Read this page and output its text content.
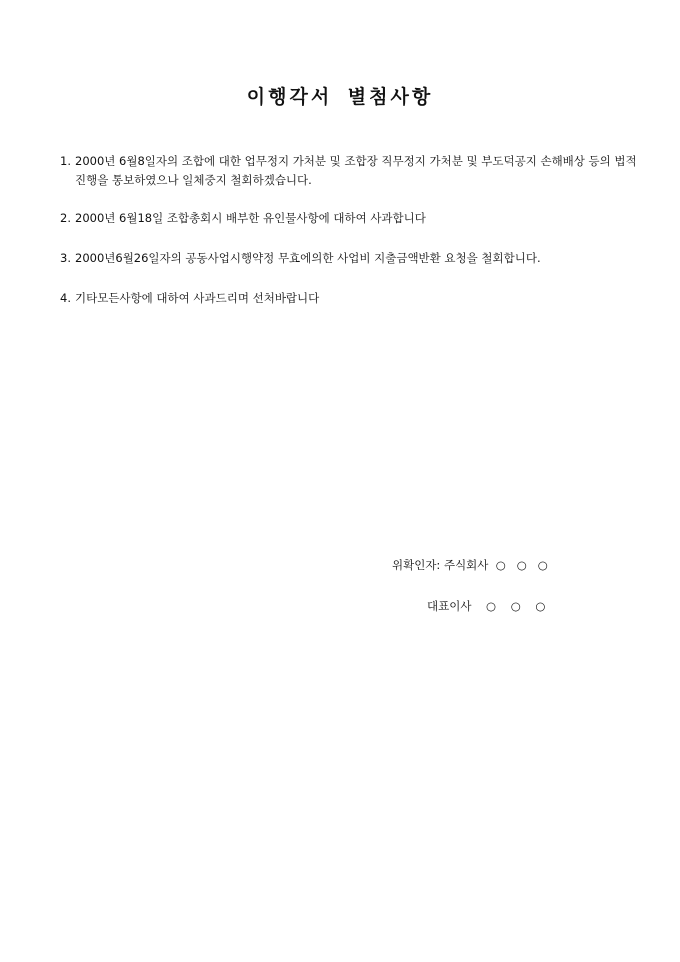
이행각서 별첨사항
1. 2000년 6월8일자의 조합에 대한 업무정지 가처분 및 조합장 직무정지 가처분 및 부도덕공지 손해배상 등의 법적진행을 통보하였으나 일체중지 철회하겠습니다.
2. 2000년 6월18일 조합총회시 배부한 유인물사항에 대하여 사과합니다
3. 2000년6월26일자의 공동사업시행약정 무효에의한 사업비 지출금액반환 요청을 철회합니다.
4. 기타모든사항에 대하여 사과드리며 선처바랍니다
위확인자: 주식회사  ○   ○   ○
대표이사    ○    ○    ○
